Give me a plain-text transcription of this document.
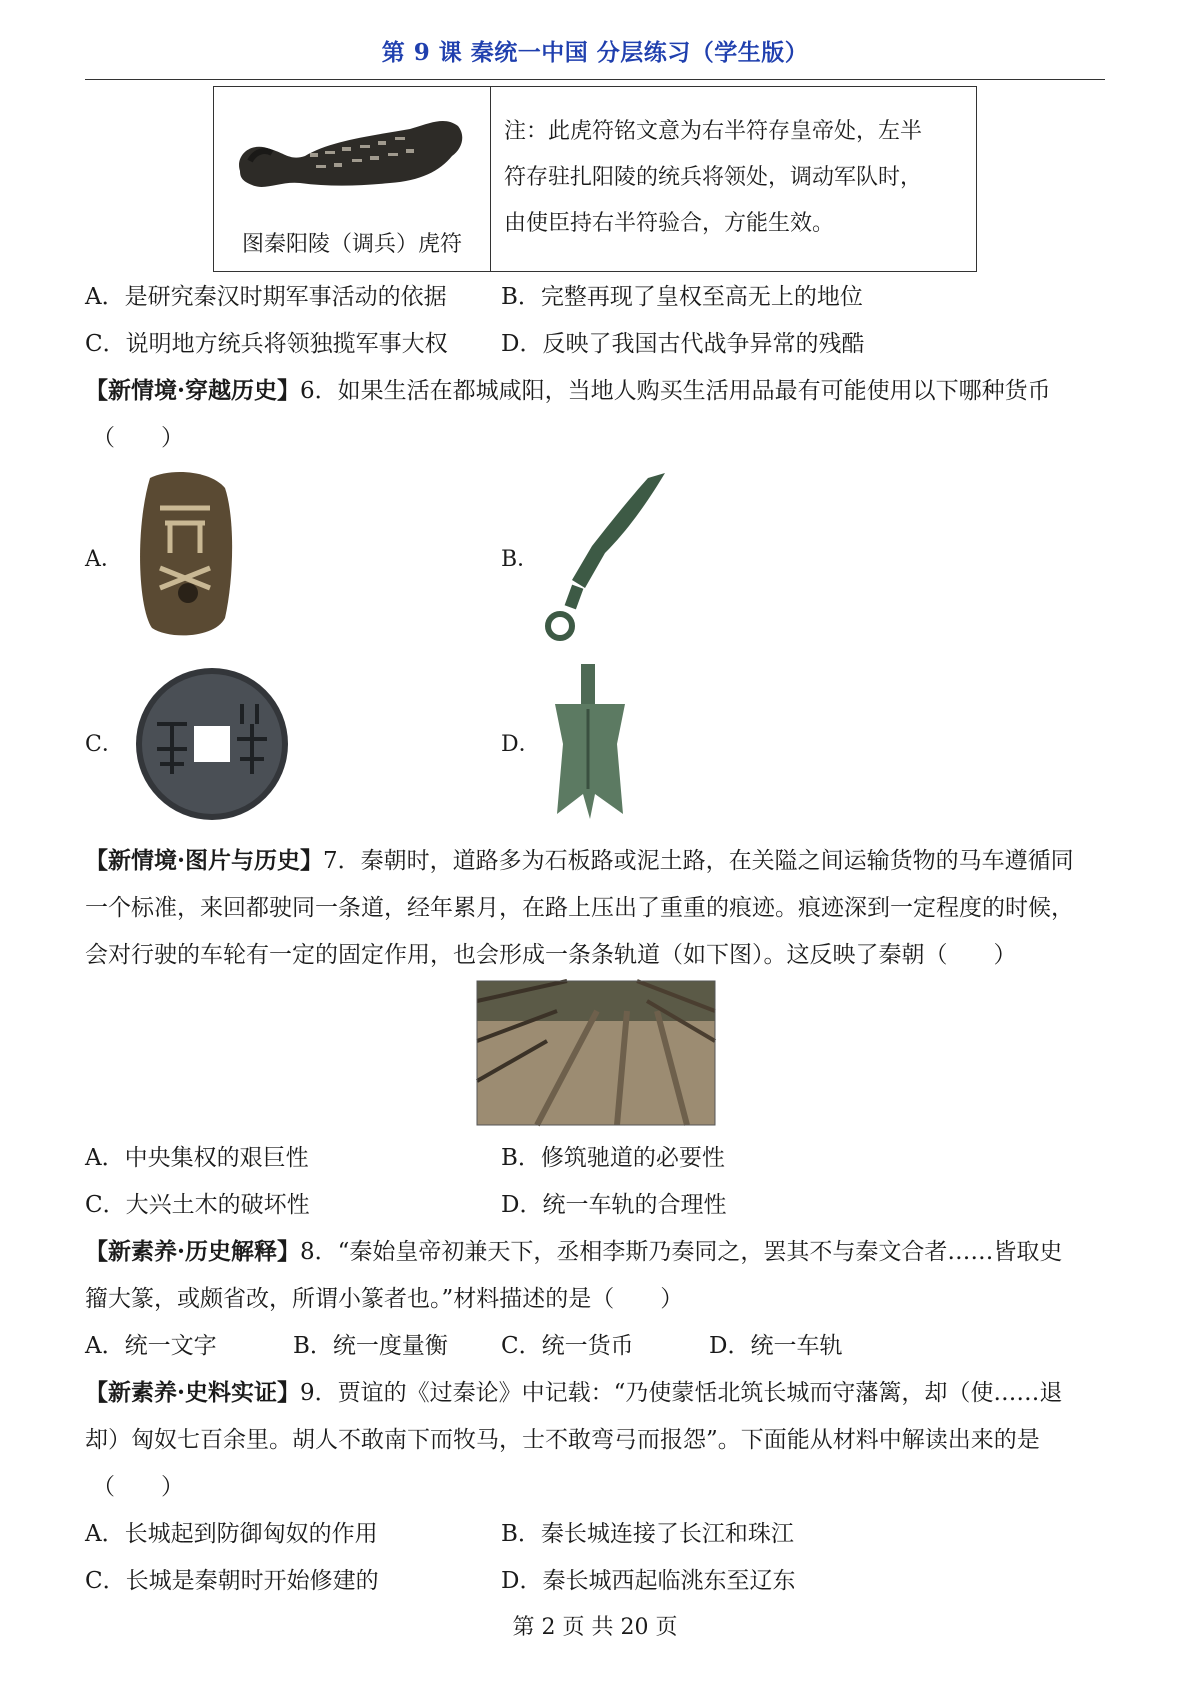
第 9 课 秦统一中国 分层练习（学生版）
图秦阳陵（调兵）虎符
注：此虎符铭文意为右半符存皇帝处，左半
符存驻扎阳陵的统兵将领处，调动军队时，
由使臣持右半符验合，方能生效。
A．是研究秦汉时期军事活动的依据 B．完整再现了皇权至高无上的地位
C．说明地方统兵将领独揽军事大权 D．反映了我国古代战争异常的残酷
【新情境·穿越历史】6．如果生活在都城咸阳，当地人购买生活用品最有可能使用以下哪种货币
（　　）
A．	B．
C．	D．
【新情境·图片与历史】7．秦朝时，道路多为石板路或泥土路，在关隘之间运输货物的马车遵循同
一个标准，来回都驶同一条道，经年累月，在路上压出了重重的痕迹。痕迹深到一定程度的时候，
会对行驶的车轮有一定的固定作用，也会形成一条条轨道（如下图）。这反映了秦朝（　　）
A．中央集权的艰巨性	B．修筑驰道的必要性
C．大兴土木的破坏性	D．统一车轨的合理性
【新素养·历史解释】8．“秦始皇帝初兼天下，丞相李斯乃奏同之，罢其不与秦文合者……皆取史
籀大篆，或颇省改，所谓小篆者也。”材料描述的是（　　）
A．统一文字	B．统一度量衡 C．统一货币	D．统一车轨
【新素养·史料实证】9．贾谊的《过秦论》中记载：“乃使蒙恬北筑长城而守藩篱，却（使……退
却）匈奴七百余里。胡人不敢南下而牧马，士不敢弯弓而报怨”。下面能从材料中解读出来的是
（　　）
A．长城起到防御匈奴的作用	B．秦长城连接了长江和珠江
C．长城是秦朝时开始修建的	D．秦长城西起临洮东至辽东
第 2 页 共 20 页
